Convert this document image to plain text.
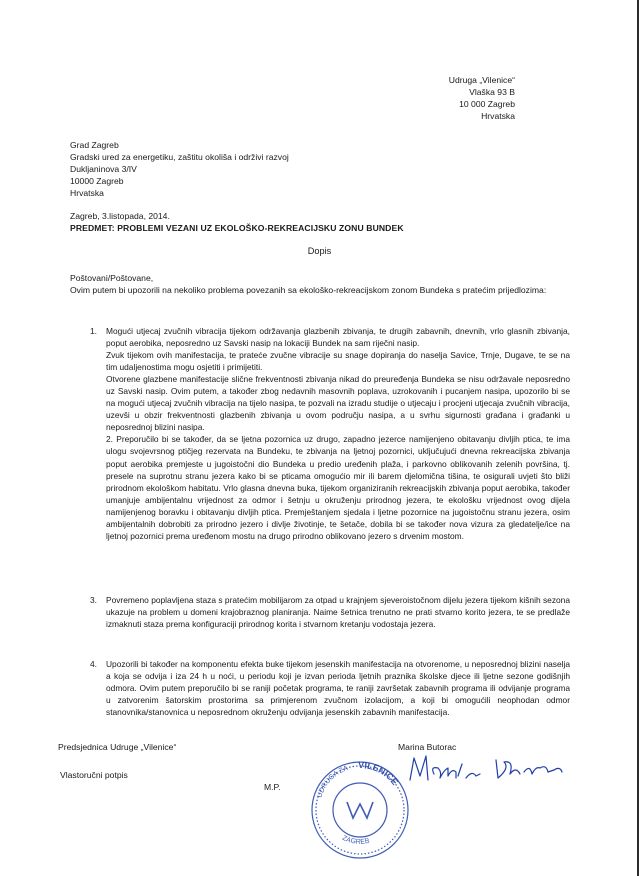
Udruga „Vilenice“
Vlaška 93 B
10 000 Zagreb
Hrvatska
Grad Zagreb
Gradski ured za energetiku, zaštitu okoliša i održivi razvoj
Dukljaninova 3/IV
10000 Zagreb
Hrvatska
Zagreb, 3.listopada, 2014.
PREDMET: PROBLEMI VEZANI UZ EKOLOŠKO-REKREACIJSKU ZONU BUNDEK
Dopis
Poštovani/Poštovane,
Ovim putem bi upozorili na nekoliko problema povezanih sa ekološko-rekreacijskom zonom Bundeka s pratećim prijedlozima:
1. Mogući utjecaj zvučnih vibracija tijekom održavanja glazbenih zbivanja, te drugih zabavnih, dnevnih, vrlo glasnih zbivanja, poput aerobika, neposredno uz Savski nasip na lokaciji Bundek na sam riječni nasip.

Zvuk tijekom ovih manifestacija, te prateće zvučne vibracije su snage dopiranja do naselja Savice, Trnje, Dugave, te se na tim udaljenostima mogu osjetiti i primijetiti.

Otvorene glazbene manifestacije slične frekventnosti zbivanja nikad do preuređenja Bundeka se nisu održavale neposredno uz Savski nasip. Ovim putem, a također zbog nedavnih masovnih poplava, uzrokovanih i pucanjem nasipa, upozorilo bi se na mogući utjecaj zvučnih vibracija na tijelo nasipa, te pozvali na izradu studije o utjecaju i procjeni utjecaja zvučnih vibracija, uzevši u obzir frekventnosti glazbenih zbivanja u ovom području nasipa, a u svrhu sigurnosti građana i građanki u neposrednoj blizini nasipa.

2. Preporučilo bi se također, da se ljetna pozornica uz drugo, zapadno jezerce namijenjeno obitavanju divljih ptica, te ima ulogu svojevrsnog ptičjeg rezervata na Bundeku, te zbivanja na ljetnoj pozornici, uključujući dnevna rekreacijska zbivanja poput aerobika premjeste u jugoistočni dio Bundeka u predio uređenih plaža, i parkovno oblikovanih zelenih površina, tj. presele na suprotnu stranu jezera kako bi se pticama omogućio mir ili barem djelomična tišina, te osigurali uvjeti što bliži prirodnom ekološkom habitatu. Vrlo glasna dnevna buka, tijekom organiziranih rekreacijskih zbivanja poput aerobika, također umanjuje ambijentalnu vrijednost za odmor i šetnju u okruženju prirodnog jezera, te ekološku vrijednost ovog dijela namijenjenog boravku i obitavanju divljih ptica. Premještanjem sjedala i ljetne pozornice na jugoistočnu stranu jezera, osim ambijentalnih dobrobiti za prirodno jezero i divlje životinje, te šetače, dobila bi se također nova vizura za gledatelje/ice na ljetnoj pozornici prema uređenom mostu na drugo prirodno oblikovano jezero s drvenim mostom.

3. Povremeno poplavljena staza s pratećim mobilijarom za otpad u krajnjem sjeveroistočnom dijelu jezera tijekom kišnih sezona ukazuje na problem u domeni krajobraznog planiranja. Naime šetnica trenutno ne prati stvarno korito jezera, te se predlaže izmaknuti staza prema konfiguraciji prirodnog korita i stvarnom kretanju vodostaja jezera.

4. Upozorili bi također na komponentu efekta buke tijekom jesenskih manifestacija na otvorenome, u neposrednoj blizini naselja a koja se odvija i iza 24 h u noći, u periodu koji je izvan perioda ljetnih praznika školske djece ili ljetne sezone godišnjih odmora. Ovim putem preporučilo bi se raniji početak programa, te raniji završetak zabavnih programa ili odvijanje programa u zatvorenim šatorskim prostorima sa primjerenom zvučnom izolacijom, a koji bi omogućili neophodan odmor stanovnika/stanovnica u neposrednom okruženju odvijanja jesenskih zabavnih manifestacija.

Predsjednica Udruge „Vilenice“	Marina Butorac
Vlastoručni potpis
M.P.
UDRUGA ZA	VILENICE
ZAGREB
